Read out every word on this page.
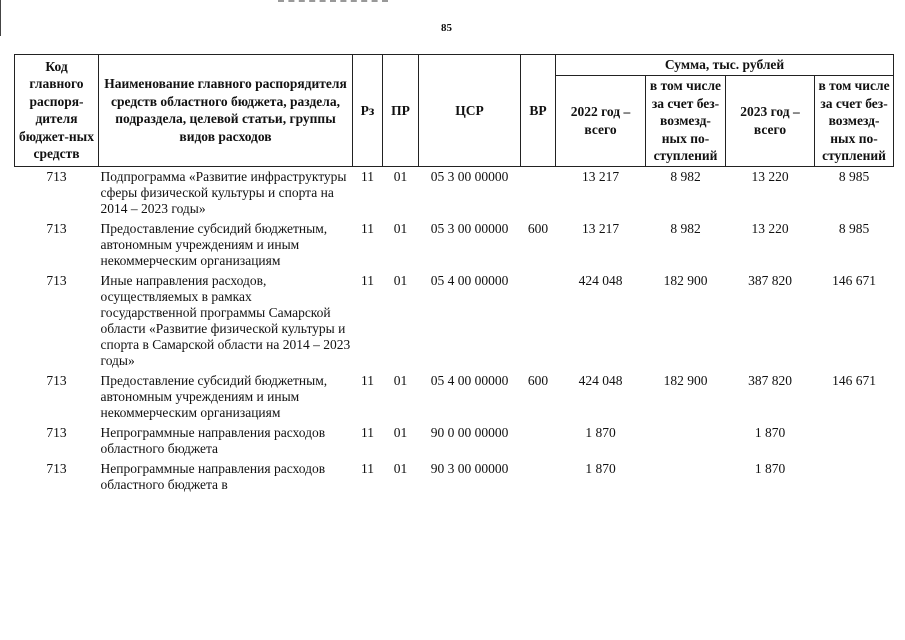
85
Код главного распоря-дителя бюджет-ных средств	Наименование главного распорядителя средств областного бюджета, раздела, подраздела, целевой статьи, группы видов расходов	Рз	ПР	ЦСР	ВР	Сумма, тыс. рублей			
						2022 год – всего	в том числе за счет без-возмезд-ных по-ступлений	2023 год – всего	в том числе за счет без-возмезд-ных по-ступлений
713	Подпрограмма «Развитие инфраструктуры сферы физической культуры и спорта на 2014 – 2023 годы»	11	01	05 3 00 00000		13 217	8 982	13 220	8 985
713	Предоставление субсидий бюджетным, автономным учреждениям и иным некоммерческим организациям	11	01	05 3 00 00000	600	13 217	8 982	13 220	8 985
713	Иные направления расходов, осуществляемых в рамках государственной программы Самарской области «Развитие физической культуры и спорта в Самарской области на 2014 – 2023 годы»	11	01	05 4 00 00000		424 048	182 900	387 820	146 671
713	Предоставление субсидий бюджетным, автономным учреждениям и иным некоммерческим организациям	11	01	05 4 00 00000	600	424 048	182 900	387 820	146 671
713	Непрограммные направления расходов областного бюджета	11	01	90 0 00 00000		1 870		1 870	
713	Непрограммные направления расходов областного бюджета в	11	01	90 3 00 00000		1 870		1 870	
